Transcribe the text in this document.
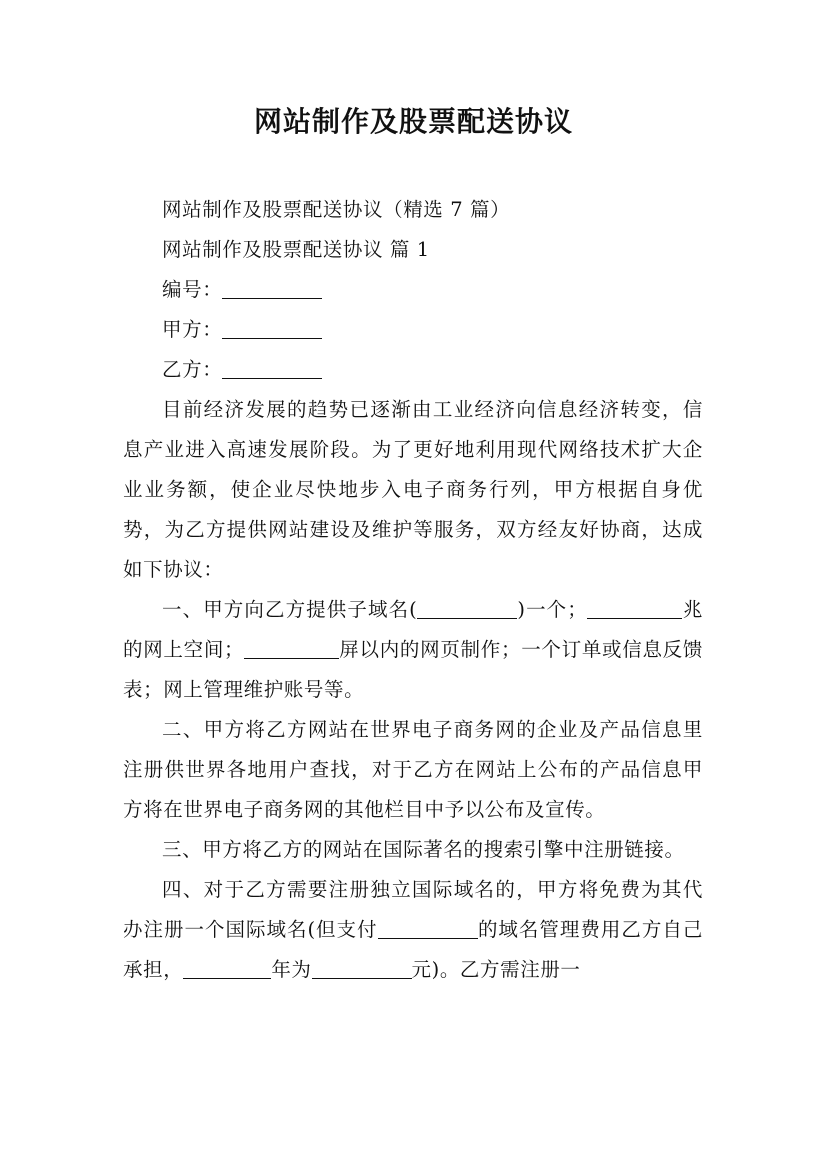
网站制作及股票配送协议

网站制作及股票配送协议（精选 7 篇）

网站制作及股票配送协议 篇 1

编号：

甲方：

乙方：

目前经济发展的趋势已逐渐由工业经济向信息经济转变，信息产业进入高速发展阶段。为了更好地利用现代网络技术扩大企业业务额，使企业尽快地步入电子商务行列，甲方根据自身优势，为乙方提供网站建设及维护等服务，双方经友好协商，达成如下协议：

一、甲方向乙方提供子域名(	)一个；	兆的网上空间；	屏以内的网页制作；一个订单或信息反馈表；网上管理维护账号等。

二、甲方将乙方网站在世界电子商务网的企业及产品信息里注册供世界各地用户查找，对于乙方在网站上公布的产品信息甲方将在世界电子商务网的其他栏目中予以公布及宣传。

三、甲方将乙方的网站在国际著名的搜索引擎中注册链接。

四、对于乙方需要注册独立国际域名的，甲方将免费为其代办注册一个国际域名(但支付	的域名管理费用乙方自己承担，	年为	元)。乙方需注册一
